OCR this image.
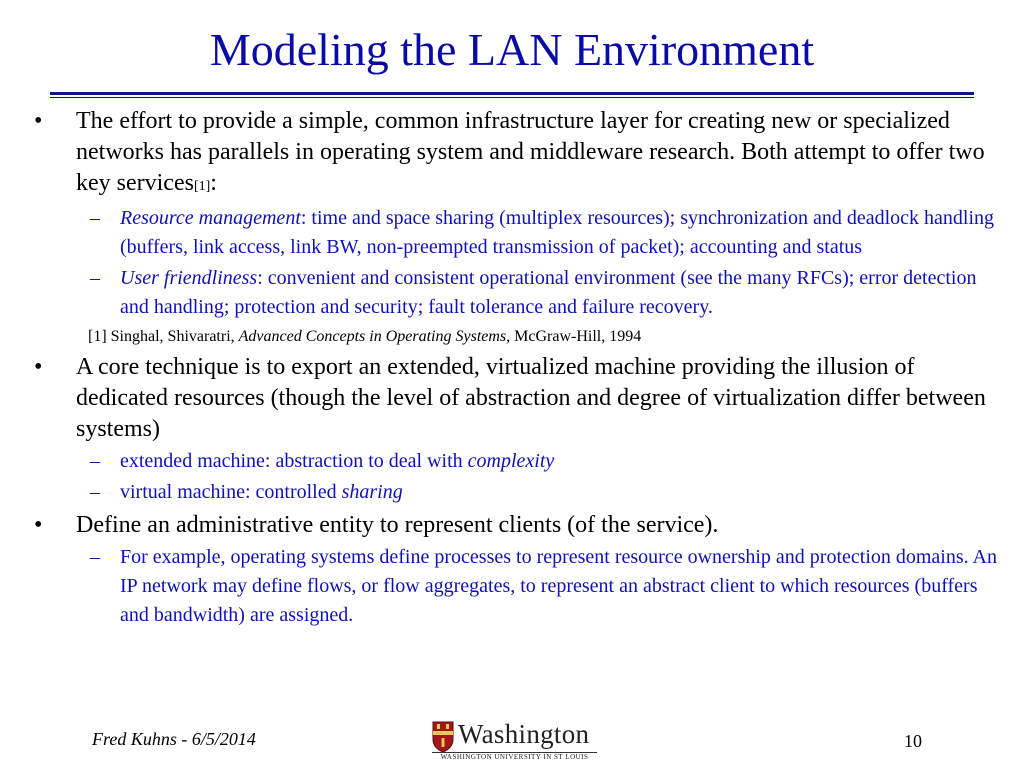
Modeling the LAN Environment

• The effort to provide a simple, common infrastructure layer for creating new or specialized networks has parallels in operating system and middleware research. Both attempt to offer two key services[1]:

– Resource management: time and space sharing (multiplex resources); synchronization and deadlock handling (buffers, link access, link BW, non-preempted transmission of packet); accounting and status

– User friendliness: convenient and consistent operational environment (see the many RFCs); error detection and handling; protection and security; fault tolerance and failure recovery.

[1] Singhal, Shivaratri, Advanced Concepts in Operating Systems, McGraw-Hill, 1994

• A core technique is to export an extended, virtualized machine providing the illusion of dedicated resources (though the level of abstraction and degree of virtualization differ between systems)

– extended machine: abstraction to deal with complexity

– virtual machine: controlled sharing

• Define an administrative entity to represent clients (of the service).

– For example, operating systems define processes to represent resource ownership and protection domains. An IP network may define flows, or flow aggregates, to represent an abstract client to which resources (buffers and bandwidth) are assigned.

Fred Kuhns - 6/5/2014	Washington
WASHINGTON UNIVERSITY IN ST LOUIS
10
